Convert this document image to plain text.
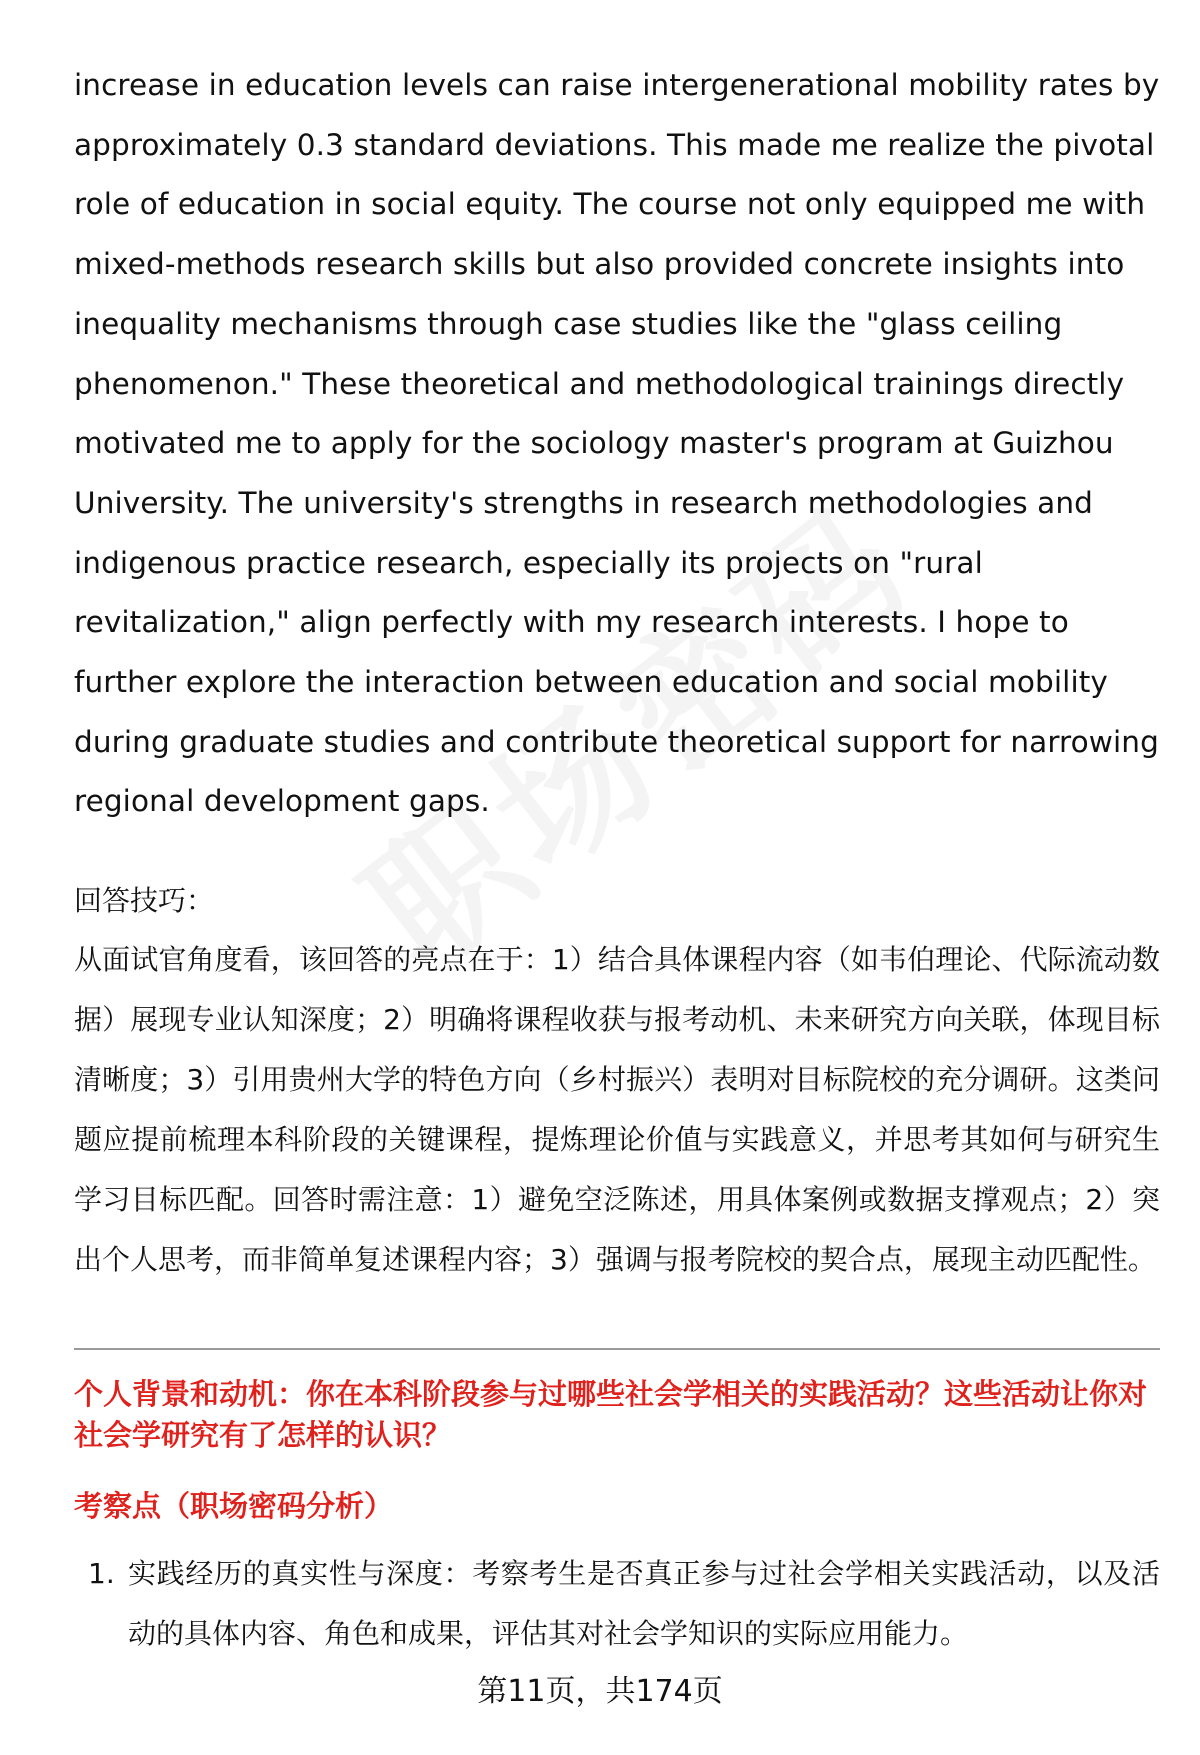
increase in education levels can raise intergenerational mobility rates by approximately 0.3 standard deviations. This made me realize the pivotal role of education in social equity. The course not only equipped me with mixed-methods research skills but also provided concrete insights into inequality mechanisms through case studies like the "glass ceiling phenomenon." These theoretical and methodological trainings directly motivated me to apply for the sociology master's program at Guizhou University. The university's strengths in research methodologies and indigenous practice research, especially its projects on "rural revitalization," align perfectly with my research interests. I hope to further explore the interaction between education and social mobility during graduate studies and contribute theoretical support for narrowing regional development gaps.

回答技巧：

从面试官角度看，该回答的亮点在于：1）结合具体课程内容（如韦伯理论、代际流动数据）展现专业认知深度；2）明确将课程收获与报考动机、未来研究方向关联，体现目标清晰度；3）引用贵州大学的特色方向（乡村振兴）表明对目标院校的充分调研。这类问题应提前梳理本科阶段的关键课程，提炼理论价值与实践意义，并思考其如何与研究生学习目标匹配。回答时需注意：1）避免空泛陈述，用具体案例或数据支撑观点；2）突出个人思考，而非简单复述课程内容；3）强调与报考院校的契合点，展现主动匹配性。

个人背景和动机：你在本科阶段参与过哪些社会学相关的实践活动？这些活动让你对社会学研究有了怎样的认识？
考察点（职场密码分析）
1. 实践经历的真实性与深度：考察考生是否真正参与过社会学相关实践活动，以及活动的具体内容、角色和成果，评估其对社会学知识的实际应用能力。
第11页，共174页
